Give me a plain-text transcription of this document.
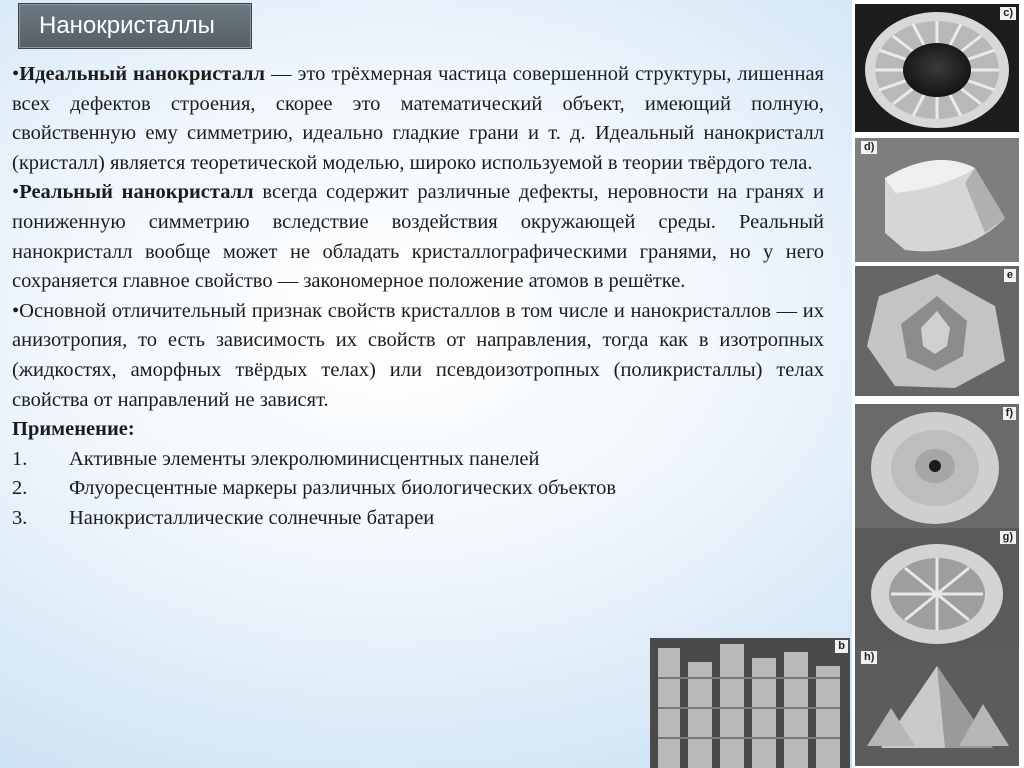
Нанокристаллы

•Идеальный нанокристалл — это трёхмерная частица совершенной структуры, лишенная всех дефектов строения, скорее это математический объект, имеющий полную, свойственную ему симметрию, идеально гладкие грани и т. д. Идеальный нанокристалл (кристалл) является теоретической моделью, широко используемой в теории твёрдого тела.

•Реальный нанокристалл всегда содержит различные дефекты, неровности на гранях и пониженную симметрию вследствие воздействия окружающей среды. Реальный нанокристалл вообще может не обладать кристаллографическими гранями, но у него сохраняется главное свойство — закономерное положение атомов в решётке.

•Основной отличительный признак свойств кристаллов в том числе и нанокристаллов — их анизотропия, то есть зависимость их свойств от направления, тогда как в изотропных (жидкостях, аморфных твёрдых телах) или псевдоизотропных (поликристаллы) телах свойства от направлений не зависят.

Применение:

1.	Активные элементы элекролюминисцентных панелей
2.	Флуоресцентные маркеры различных биологических объектов
3.	Нанокристаллические солнечные батареи
c)
d)
e
f)
g)
h)
b
